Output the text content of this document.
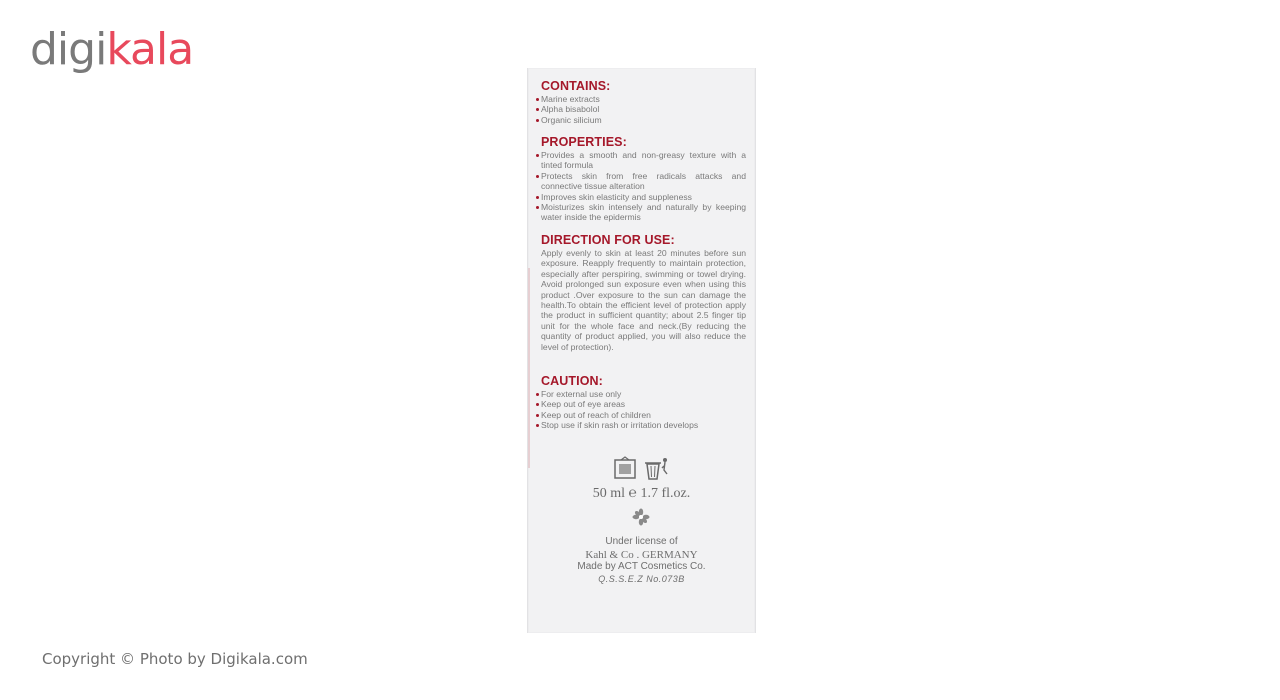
digikala
CONTAINS:
Marine extracts
Alpha bisabolol
Organic silicium
PROPERTIES:
Provides a smooth and non-greasy texture with a tinted formula
Protects skin from free radicals attacks and connective tissue alteration
Improves skin elasticity and suppleness
Moisturizes skin intensely and naturally by keeping water inside the epidermis
DIRECTION FOR USE:
Apply evenly to skin at least 20 minutes before sun exposure. Reapply frequently to maintain protection, especially after perspiring, swimming or towel drying. Avoid prolonged sun exposure even when using this product .Over exposure to the sun can damage the health.To obtain the efficient level of protection apply the product in sufficient quantity; about 2.5 finger tip unit for the whole face and neck.(By reducing the quantity of product applied, you will also reduce the level of protection).
CAUTION:
For external use only
Keep out of eye areas
Keep out of reach of children
Stop use if skin rash or irritation develops
50 ml ℮ 1.7 fl.oz.
Under license of
Kahl & Co . GERMANY
Made by ACT Cosmetics Co.
Q.S.S.E.Z No.073B
Copyright © Photo by Digikala.com
